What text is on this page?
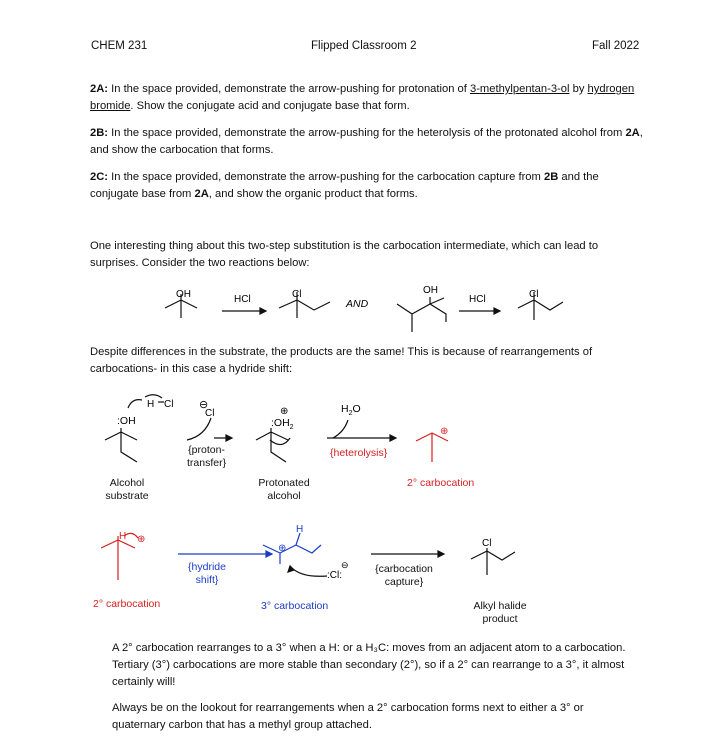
CHEM 231	Flipped Classroom 2	Fall 2022

2A: In the space provided, demonstrate the arrow-pushing for protonation of 3-methylpentan-3-ol by hydrogen bromide. Show the conjugate acid and conjugate base that form.

2B: In the space provided, demonstrate the arrow-pushing for the heterolysis of the protonated alcohol from 2A, and show the carbocation that forms.

2C: In the space provided, demonstrate the arrow-pushing for the carbocation capture from 2B and the conjugate base from 2A, and show the organic product that forms.

One interesting thing about this two-step substitution is the carbocation intermediate, which can lead to surprises. Consider the two reactions below:

OH	HCl	Cl
AND
OH
HCl	Cl

Despite differences in the substrate, the products are the same! This is because of rearrangements of carbocations- in this case a hydride shift:

H Cl
:OH
⊖
Cl	⊕
$:OH_2$
$H_2O$
⊕
H ⊕
H
⊕
:Cl:
⊖
Cl
{proton-
transfer}
{heterolysis}
Alcohol
substrate
Protonated
alcohol
2° carbocation
{hydride
shift}
{carbocation
capture}
2° carbocation	3° carbocation	Alkyl halide
product

A 2° carbocation rearranges to a 3° when a H: or a H₃C: moves from an adjacent atom to a carbocation. Tertiary (3°) carbocations are more stable than secondary (2°), so if a 2° can rearrange to a 3°, it almost certainly will!

Always be on the lookout for rearrangements when a 2° carbocation forms next to either a 3° or quaternary carbon that has a methyl group attached.
